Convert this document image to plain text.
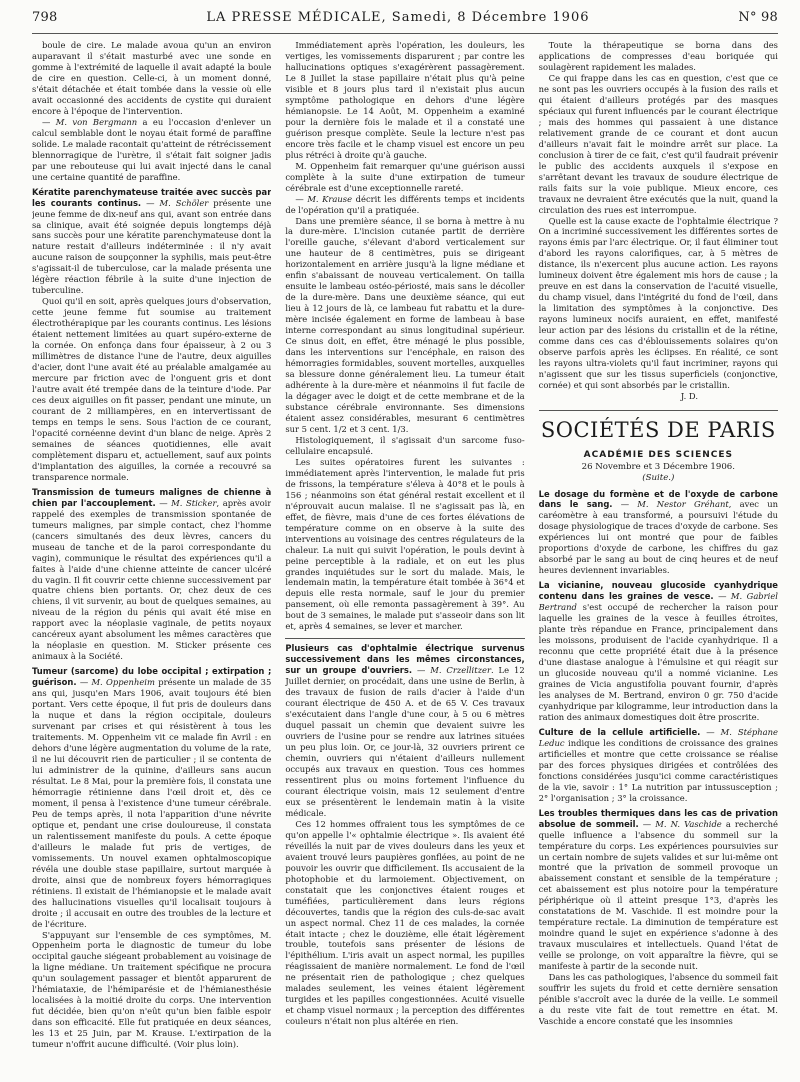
798	LA PRESSE MÉDICALE, Samedi, 8 Décembre 1906	N° 98

boule de cire. Le malade avoua qu'un an environ auparavant il s'était masturbé avec une sonde en gomme à l'extrémité de laquelle il avait adapté la boule de cire en question. Celle-ci, à un moment donné, s'était détachée et était tombée dans la vessie où elle avait occasionné des accidents de cystite qui duraient encore à l'époque de l'intervention.

— M. von Bergmann a eu l'occasion d'enlever un calcul semblable dont le noyau était formé de paraffine solide. Le malade racontait qu'atteint de rétrécissement blennorragique de l'urètre, il s'était fait soigner jadis par une rebouteuse qui lui avait injecté dans le canal une certaine quantité de paraffine.

Kératite parenchymateuse traitée avec succès par les courants continus. — M. Schöler présente une jeune femme de dix-neuf ans qui, avant son entrée dans sa clinique, avait été soignée depuis longtemps déjà sans succès pour une kératite parenchymateuse dont la nature restait d'ailleurs indéterminée : il n'y avait aucune raison de soupçonner la syphilis, mais peut-être s'agissait-il de tuberculose, car la malade présenta une légère réaction fébrile à la suite d'une injection de tuberculine.

Quoi qu'il en soit, après quelques jours d'observation, cette jeune femme fut soumise au traitement électrothérapique par les courants continus. Les lésions étaient nettement limitées au quart supéro-externe de la cornée. On enfonça dans four épaisseur, à 2 ou 3 millimètres de distance l'une de l'autre, deux aiguilles d'acier, dont l'une avait été au préalable amalgamée au mercure par friction avec de l'onguent gris et dont l'autre avait été trempée dans de la teinture d'iode. Par ces deux aiguilles on fit passer, pendant une minute, un courant de 2 milliampères, en en intervertissant de temps en temps le sens. Sous l'action de ce courant, l'opacité cornéenne devint d'un blanc de neige. Après 2 semaines de séances quotidiennes, elle avait complètement disparu et, actuellement, sauf aux points d'implantation des aiguilles, la cornée a recouvré sa transparence normale.

Transmission de tumeurs malignes de chienne à chien par l'accouplement. — M. Sticker, après avoir rappelé des exemples de transmission spontanée de tumeurs malignes, par simple contact, chez l'homme (cancers simultanés des deux lèvres, cancers du museau de tanche et de la paroi correspondante du vagin), communique le résultat des expériences qu'il a faites à l'aide d'une chienne atteinte de cancer ulcéré du vagin. Il fit couvrir cette chienne successivement par quatre chiens bien portants. Or, chez deux de ces chiens, il vit survenir, au bout de quelques semaines, au niveau de la région du pénis qui avait été mise en rapport avec la néoplasie vaginale, de petits noyaux cancéreux ayant absolument les mêmes caractères que la néoplasie en question. M. Sticker présente ces animaux à la Société.

Tumeur (sarcome) du lobe occipital ; extirpation ; guérison. — M. Oppenheim présente un malade de 35 ans qui, jusqu'en Mars 1906, avait toujours été bien portant. Vers cette époque, il fut pris de douleurs dans la nuque et dans la région occipitale, douleurs survenant par crises et qui résistèrent à tous les traitements. M. Oppenheim vit ce malade fin Avril : en dehors d'une légère augmentation du volume de la rate, il ne lui découvrit rien de particulier ; il se contenta de lui administrer de la quinine, d'ailleurs sans aucun résultat. Le 8 Mai, pour la première fois, il constata une hémorragie rétinienne dans l'œil droit et, dès ce moment, il pensa à l'existence d'une tumeur cérébrale. Peu de temps après, il nota l'apparition d'une névrite optique et, pendant une crise douloureuse, il constata un ralentissement manifeste du pouls. A cette époque d'ailleurs le malade fut pris de vertiges, de vomissements. Un nouvel examen ophtalmoscopique révéla une double stase papillaire, surtout marquée à droite, ainsi que de nombreux foyers hémorragiques rétiniens. Il existait de l'hémianopsie et le malade avait des hallucinations visuelles qu'il localisait toujours à droite ; il accusait en outre des troubles de la lecture et de l'écriture.

S'appuyant sur l'ensemble de ces symptômes, M. Oppenheim porta le diagnostic de tumeur du lobe occipital gauche siégeant probablement au voisinage de la ligne médiane. Un traitement spécifique ne procura qu'un soulagement passager et bientôt apparurent de l'hémiataxie, de l'hémiparésie et de l'hémianesthésie localisées à la moitié droite du corps. Une intervention fut décidée, bien qu'on n'eût qu'un bien faible espoir dans son efficacité. Elle fut pratiquée en deux séances, les 13 et 25 Juin, par M. Krause. L'extirpation de la tumeur n'offrit aucune difficulté. (Voir plus loin).

Immédiatement après l'opération, les douleurs, les vertiges, les vomissements disparurent ; par contre les hallucinations optiques s'exagérèrent passagèrement. Le 8 Juillet la stase papillaire n'était plus qu'à peine visible et 8 jours plus tard il n'existait plus aucun symptôme pathologique en dehors d'une légère hémianopsie. Le 14 Août, M. Oppenheim a examiné pour la dernière fois le malade et il a constaté une guérison presque complète. Seule la lecture n'est pas encore très facile et le champ visuel est encore un peu plus rétréci à droite qu'à gauche.

M. Oppenheim fait remarquer qu'une guérison aussi complète à la suite d'une extirpation de tumeur cérébrale est d'une exceptionnelle rareté.

— M. Krause décrit les différents temps et incidents de l'opération qu'il a pratiquée.

Dans une première séance, il se borna à mettre à nu la dure-mère. L'incision cutanée partit de derrière l'oreille gauche, s'élevant d'abord verticalement sur une hauteur de 8 centimètres, puis se dirigeant horizontalement en arrière jusqu'à la ligne médiane et enfin s'abaissant de nouveau verticalement. On tailla ensuite le lambeau ostéo-périosté, mais sans le décoller de la dure-mère. Dans une deuxième séance, qui eut lieu à 12 jours de là, ce lambeau fut rabattu et la dure-mère incisée également en forme de lambeau à base interne correspondant au sinus longitudinal supérieur. Ce sinus doit, en effet, être ménagé le plus possible, dans les interventions sur l'encéphale, en raison des hémorragies formidables, souvent mortelles, auxquelles sa blessure donne généralement lieu. La tumeur était adhérente à la dure-mère et néanmoins il fut facile de la dégager avec le doigt et de cette membrane et de la substance cérébrale environnante. Ses dimensions étaient assez considérables, mesurant 6 centimètres sur 5 cent. 1/2 et 3 cent. 1/3.

Histologiquement, il s'agissait d'un sarcome fuso-cellulaire encapsulé.

Les suites opératoires furent les suivantes : immédiatement après l'intervention, le malade fut pris de frissons, la température s'éleva à 40°8 et le pouls à 156 ; néanmoins son état général restait excellent et il n'éprouvait aucun malaise. Il ne s'agissait pas là, en effet, de fièvre, mais d'une de ces fortes élévations de température comme on en observe à la suite des interventions au voisinage des centres régulateurs de la chaleur. La nuit qui suivit l'opération, le pouls devint à peine perceptible à la radiale, et on eut les plus grandes inquiétudes sur le sort du malade. Mais, le lendemain matin, la température était tombée à 36°4 et depuis elle resta normale, sauf le jour du premier pansement, où elle remonta passagèrement à 39°. Au bout de 3 semaines, le malade put s'asseoir dans son lit et, après 4 semaines, se lever et marcher.

Plusieurs cas d'ophtalmie électrique survenus successivement dans les mêmes circonstances, sur un groupe d'ouvriers. — M. Crzellitzer. Le 12 Juillet dernier, on procédait, dans une usine de Berlin, à des travaux de fusion de rails d'acier à l'aide d'un courant électrique de 450 A. et de 65 V. Ces travaux s'exécutaient dans l'angle d'une cour, à 5 ou 6 mètres duquel passait un chemin que devaient suivre les ouvriers de l'usine pour se rendre aux latrines situées un peu plus loin. Or, ce jour-là, 32 ouvriers prirent ce chemin, ouvriers qui n'étaient d'ailleurs nullement occupés aux travaux en question. Tous ces hommes ressentirent plus ou moins fortement l'influence du courant électrique voisin, mais 12 seulement d'entre eux se présentèrent le lendemain matin à la visite médicale.

Ces 12 hommes offraient tous les symptômes de ce qu'on appelle l'« ophtalmie électrique ». Ils avaient été réveillés la nuit par de vives douleurs dans les yeux et avaient trouvé leurs paupières gonflées, au point de ne pouvoir les ouvrir que difficilement. Ils accusaient de la photophobie et du larmoiement. Objectivement, on constatait que les conjonctives étaient rouges et tuméfiées, particulièrement dans leurs régions découvertes, tandis que la région des culs-de-sac avait un aspect normal. Chez 11 de ces malades, la cornée était intacte ; chez le douzième, elle était légèrement trouble, toutefois sans présenter de lésions de l'épithélium. L'iris avait un aspect normal, les pupilles réagissaient de manière normalement. Le fond de l'œil ne présentait rien de pathologique ; chez quelques malades seulement, les veines étaient légèrement turgides et les papilles congestionnées. Acuité visuelle et champ visuel normaux ; la perception des différentes couleurs n'était non plus altérée en rien.

Toute la thérapeutique se borna dans des applications de compresses d'eau boriquée qui soulagèrent rapidement les malades.

Ce qui frappe dans les cas en question, c'est que ce ne sont pas les ouvriers occupés à la fusion des rails et qui étaient d'ailleurs protégés par des masques spéciaux qui furent influencés par le courant électrique ; mais des hommes qui passaient à une distance relativement grande de ce courant et dont aucun d'ailleurs n'avait fait le moindre arrêt sur place. La conclusion à tirer de ce fait, c'est qu'il faudrait prévenir le public des accidents auxquels il s'expose en s'arrêtant devant les travaux de soudure électrique de rails faits sur la voie publique. Mieux encore, ces travaux ne devraient être exécutés que la nuit, quand la circulation des rues est interrompue.

Quelle est la cause exacte de l'ophtalmie électrique ? On a incriminé successivement les différentes sortes de rayons émis par l'arc électrique. Or, il faut éliminer tout d'abord les rayons calorifiques, car, à 5 mètres de distance, ils n'exercent plus aucune action. Les rayons lumineux doivent être également mis hors de cause ; la preuve en est dans la conservation de l'acuité visuelle, du champ visuel, dans l'intégrité du fond de l'œil, dans la limitation des symptômes à la conjonctive. Des rayons lumineux nocifs auraient, en effet, manifesté leur action par des lésions du cristallin et de la rétine, comme dans ces cas d'éblouissements solaires qu'on observe parfois après les éclipses. En réalité, ce sont les rayons ultra-violets qu'il faut incriminer, rayons qui n'agissent que sur les tissus superficiels (conjonctive, cornée) et qui sont absorbés par le cristallin.

J. D.

SOCIÉTÉS DE PARIS
ACADÉMIE DES SCIENCES
26 Novembre et 3 Décembre 1906.
(Suite.)

Le dosage du formène et de l'oxyde de carbone dans le sang. — M. Nestor Gréhant, avec un caréomètre à eau transformé, a poursuivi l'étude du dosage physiologique de traces d'oxyde de carbone. Ses expériences lui ont montré que pour de faibles proportions d'oxyde de carbone, les chiffres du gaz absorbé par le sang au bout de cinq heures et de neuf heures deviennent invariables.

La vicianine, nouveau glucoside cyanhydrique contenu dans les graines de vesce. — M. Gabriel Bertrand s'est occupé de rechercher la raison pour laquelle les graines de la vesce à feuilles étroites, plante très répandue en France, principalement dans les moissons, produisent de l'acide cyanhydrique. Il a reconnu que cette propriété était due à la présence d'une diastase analogue à l'émulsine et qui réagit sur un glucoside nouveau qu'il a nommé vicianine. Les graines de Vicia angustifolia pouvant fournir, d'après les analyses de M. Bertrand, environ 0 gr. 750 d'acide cyanhydrique par kilogramme, leur introduction dans la ration des animaux domestiques doit être proscrite.

Culture de la cellule artificielle. — M. Stéphane Leduc indique les conditions de croissance des graines artificielles et montre que cette croissance se réalise par des forces physiques dirigées et contrôlées des fonctions considérées jusqu'ici comme caractéristiques de la vie, savoir : 1° La nutrition par intussusception ; 2° l'organisation ; 3° la croissance.

Les troubles thermiques dans les cas de privation absolue de sommeil. — M. N. Vaschide a recherché quelle influence a l'absence du sommeil sur la température du corps. Les expériences poursuivies sur un certain nombre de sujets valides et sur lui-même ont montré que la privation de sommeil provoque un abaissement constant et sensible de la température ; cet abaissement est plus notoire pour la température périphérique où il atteint presque 1°3, d'après les constatations de M. Vaschide. Il est moindre pour la température rectale. La diminution de température est moindre quand le sujet en expérience s'adonne à des travaux musculaires et intellectuels. Quand l'état de veille se prolonge, on voit apparaître la fièvre, qui se manifeste à partir de la seconde nuit.

Dans les cas pathologiques, l'absence du sommeil fait souffrir les sujets du froid et cette dernière sensation pénible s'accroît avec la durée de la veille. Le sommeil a du reste vite fait de tout remettre en état. M. Vaschide a encore constaté que les insomnies
